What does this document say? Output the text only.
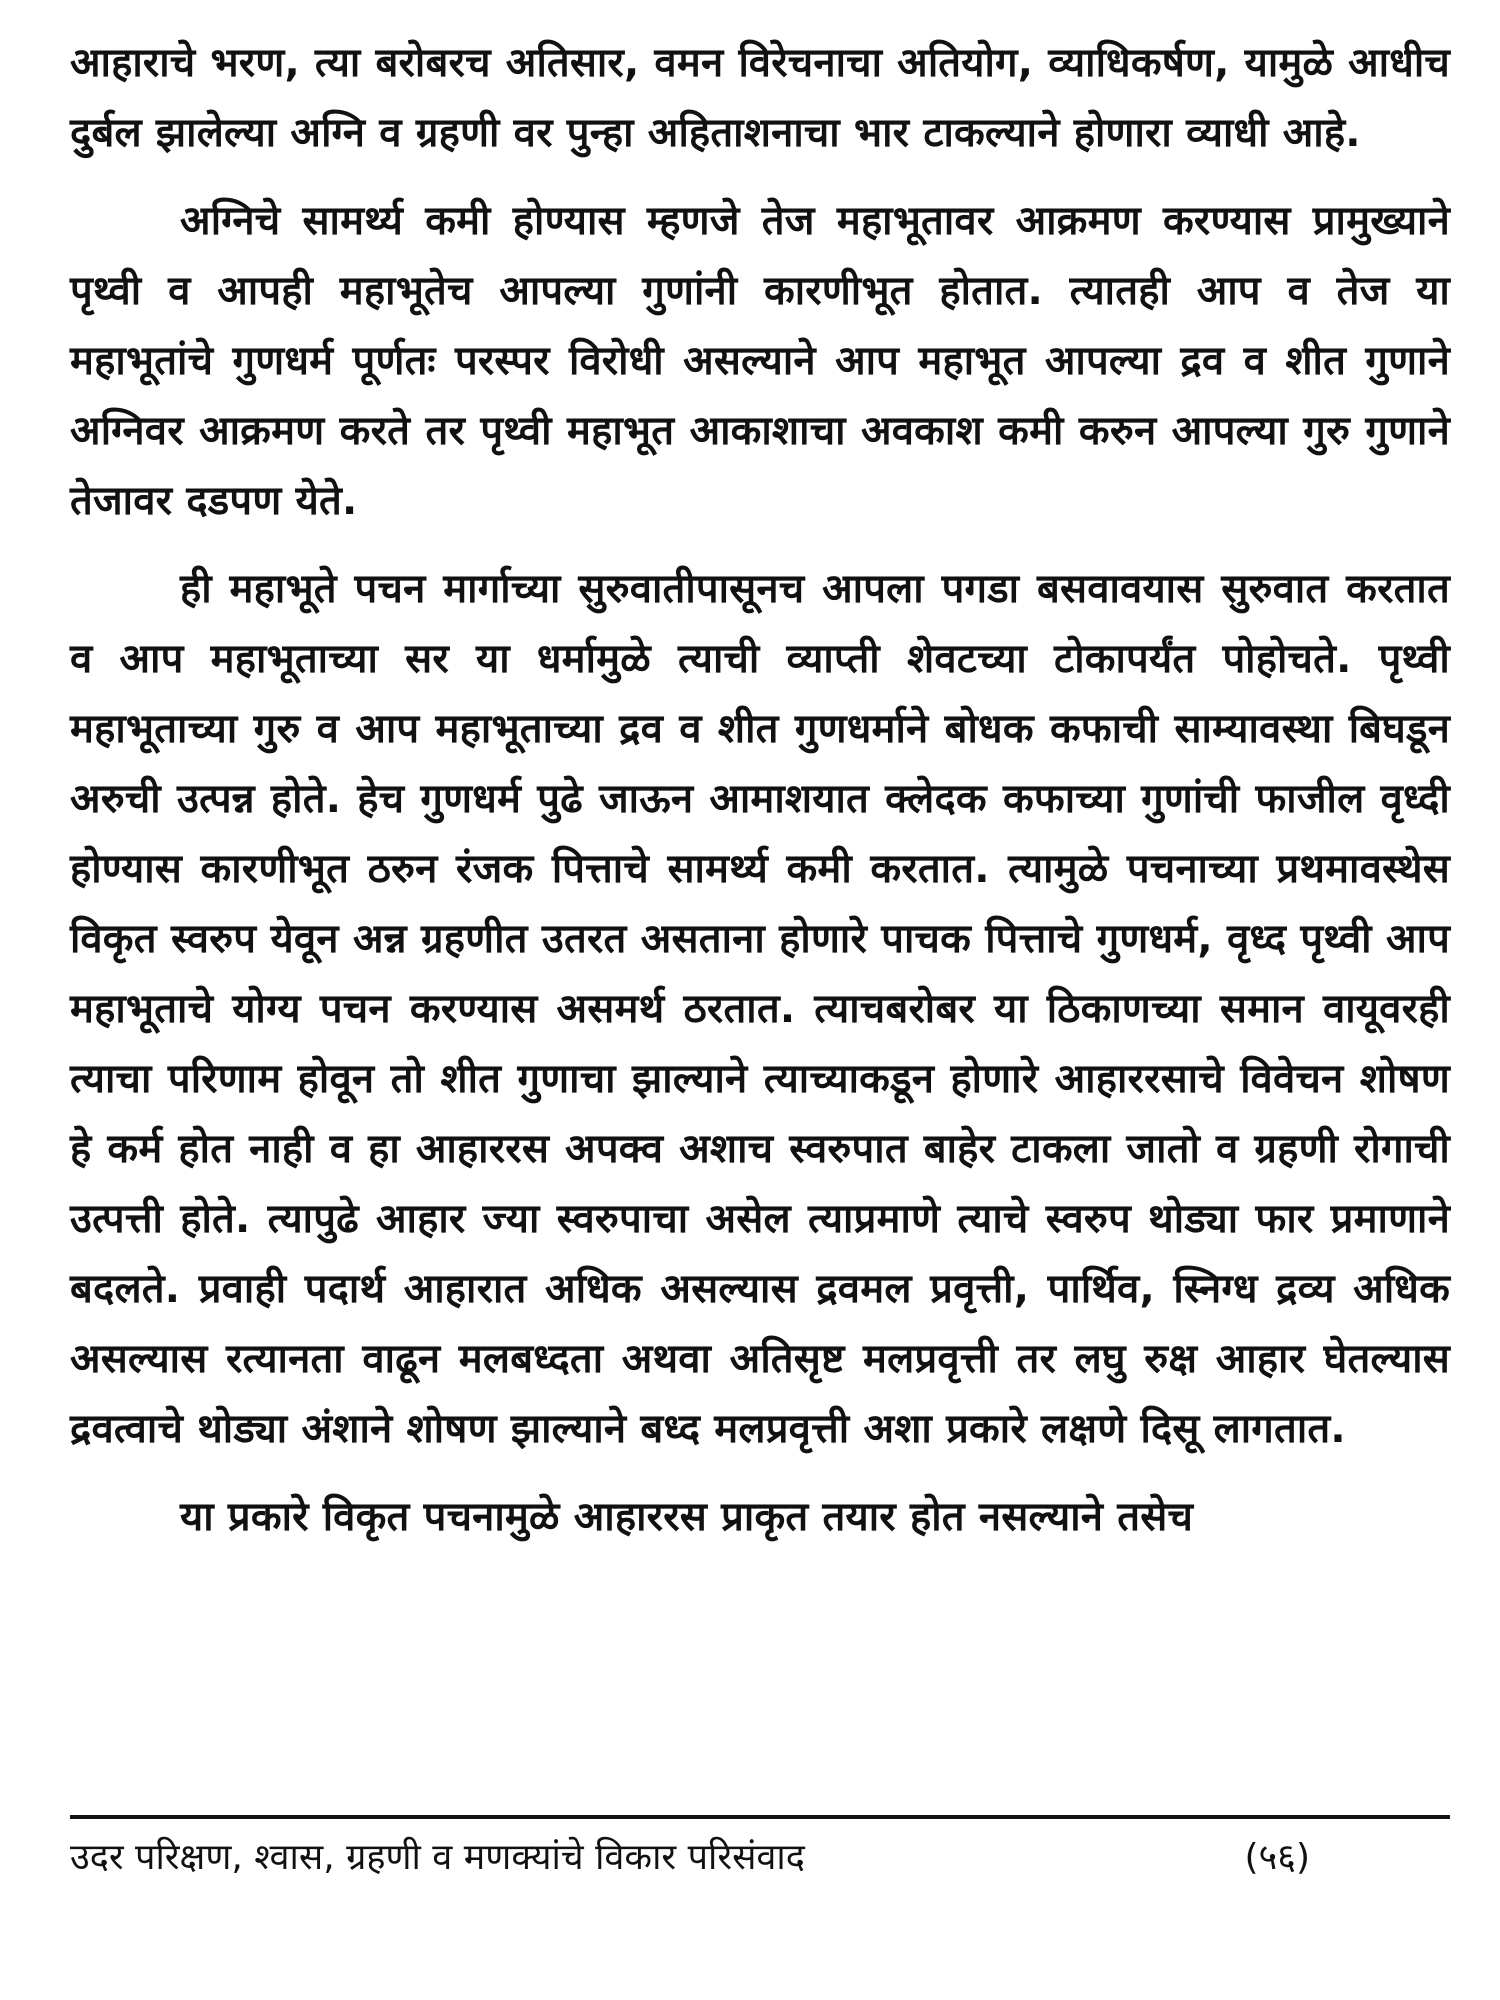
आहाराचे भरण, त्या बरोबरच अतिसार, वमन विरेचनाचा अतियोग, व्याधिकर्षण, यामुळे आधीच दुर्बल झालेल्या अग्नि व ग्रहणी वर पुन्हा अहिताशनाचा भार टाकल्याने होणारा व्याधी आहे.

अग्निचे सामर्थ्य कमी होण्यास म्हणजे तेज महाभूतावर आक्रमण करण्यास प्रामुख्याने पृथ्वी व आपही महाभूतेच आपल्या गुणांनी कारणीभूत होतात. त्यातही आप व तेज या महाभूतांचे गुणधर्म पूर्णतः परस्पर विरोधी असल्याने आप महाभूत आपल्या द्रव व शीत गुणाने अग्निवर आक्रमण करते तर पृथ्वी महाभूत आकाशाचा अवकाश कमी करुन आपल्या गुरु गुणाने तेजावर दडपण येते.

ही महाभूते पचन मार्गाच्या सुरुवातीपासूनच आपला पगडा बसवावयास सुरुवात करतात व आप महाभूताच्या सर या धर्मामुळे त्याची व्याप्ती शेवटच्या टोकापर्यंत पोहोचते. पृथ्वी महाभूताच्या गुरु व आप महाभूताच्या द्रव व शीत गुणधर्माने बोधक कफाची साम्यावस्था बिघडून अरुची उत्पन्न होते. हेच गुणधर्म पुढे जाऊन आमाशयात क्लेदक कफाच्या गुणांची फाजील वृध्दी होण्यास कारणीभूत ठरुन रंजक पित्ताचे सामर्थ्य कमी करतात. त्यामुळे पचनाच्या प्रथमावस्थेस विकृत स्वरुप येवून अन्न ग्रहणीत उतरत असताना होणारे पाचक पित्ताचे गुणधर्म, वृध्द पृथ्वी आप महाभूताचे योग्य पचन करण्यास असमर्थ ठरतात. त्याचबरोबर या ठिकाणच्या समान वायूवरही त्याचा परिणाम होवून तो शीत गुणाचा झाल्याने त्याच्याकडून होणारे आहाररसाचे विवेचन शोषण हे कर्म होत नाही व हा आहाररस अपक्व अशाच स्वरुपात बाहेर टाकला जातो व ग्रहणी रोगाची उत्पत्ती होते. त्यापुढे आहार ज्या स्वरुपाचा असेल त्याप्रमाणे त्याचे स्वरुप थोड्या फार प्रमाणाने बदलते. प्रवाही पदार्थ आहारात अधिक असल्यास द्रवमल प्रवृत्ती, पार्थिव, स्निग्ध द्रव्य अधिक असल्यास रत्यानता वाढून मलबध्दता अथवा अतिसृष्ट मलप्रवृत्ती तर लघु रुक्ष आहार घेतल्यास द्रवत्वाचे थोड्या अंशाने शोषण झाल्याने बध्द मलप्रवृत्ती अशा प्रकारे लक्षणे दिसू लागतात.

या प्रकारे विकृत पचनामुळे आहाररस प्राकृत तयार होत नसल्याने तसेच

उदर परिक्षण, श्वास, ग्रहणी व मणक्यांचे विकार परिसंवाद	(५६)
